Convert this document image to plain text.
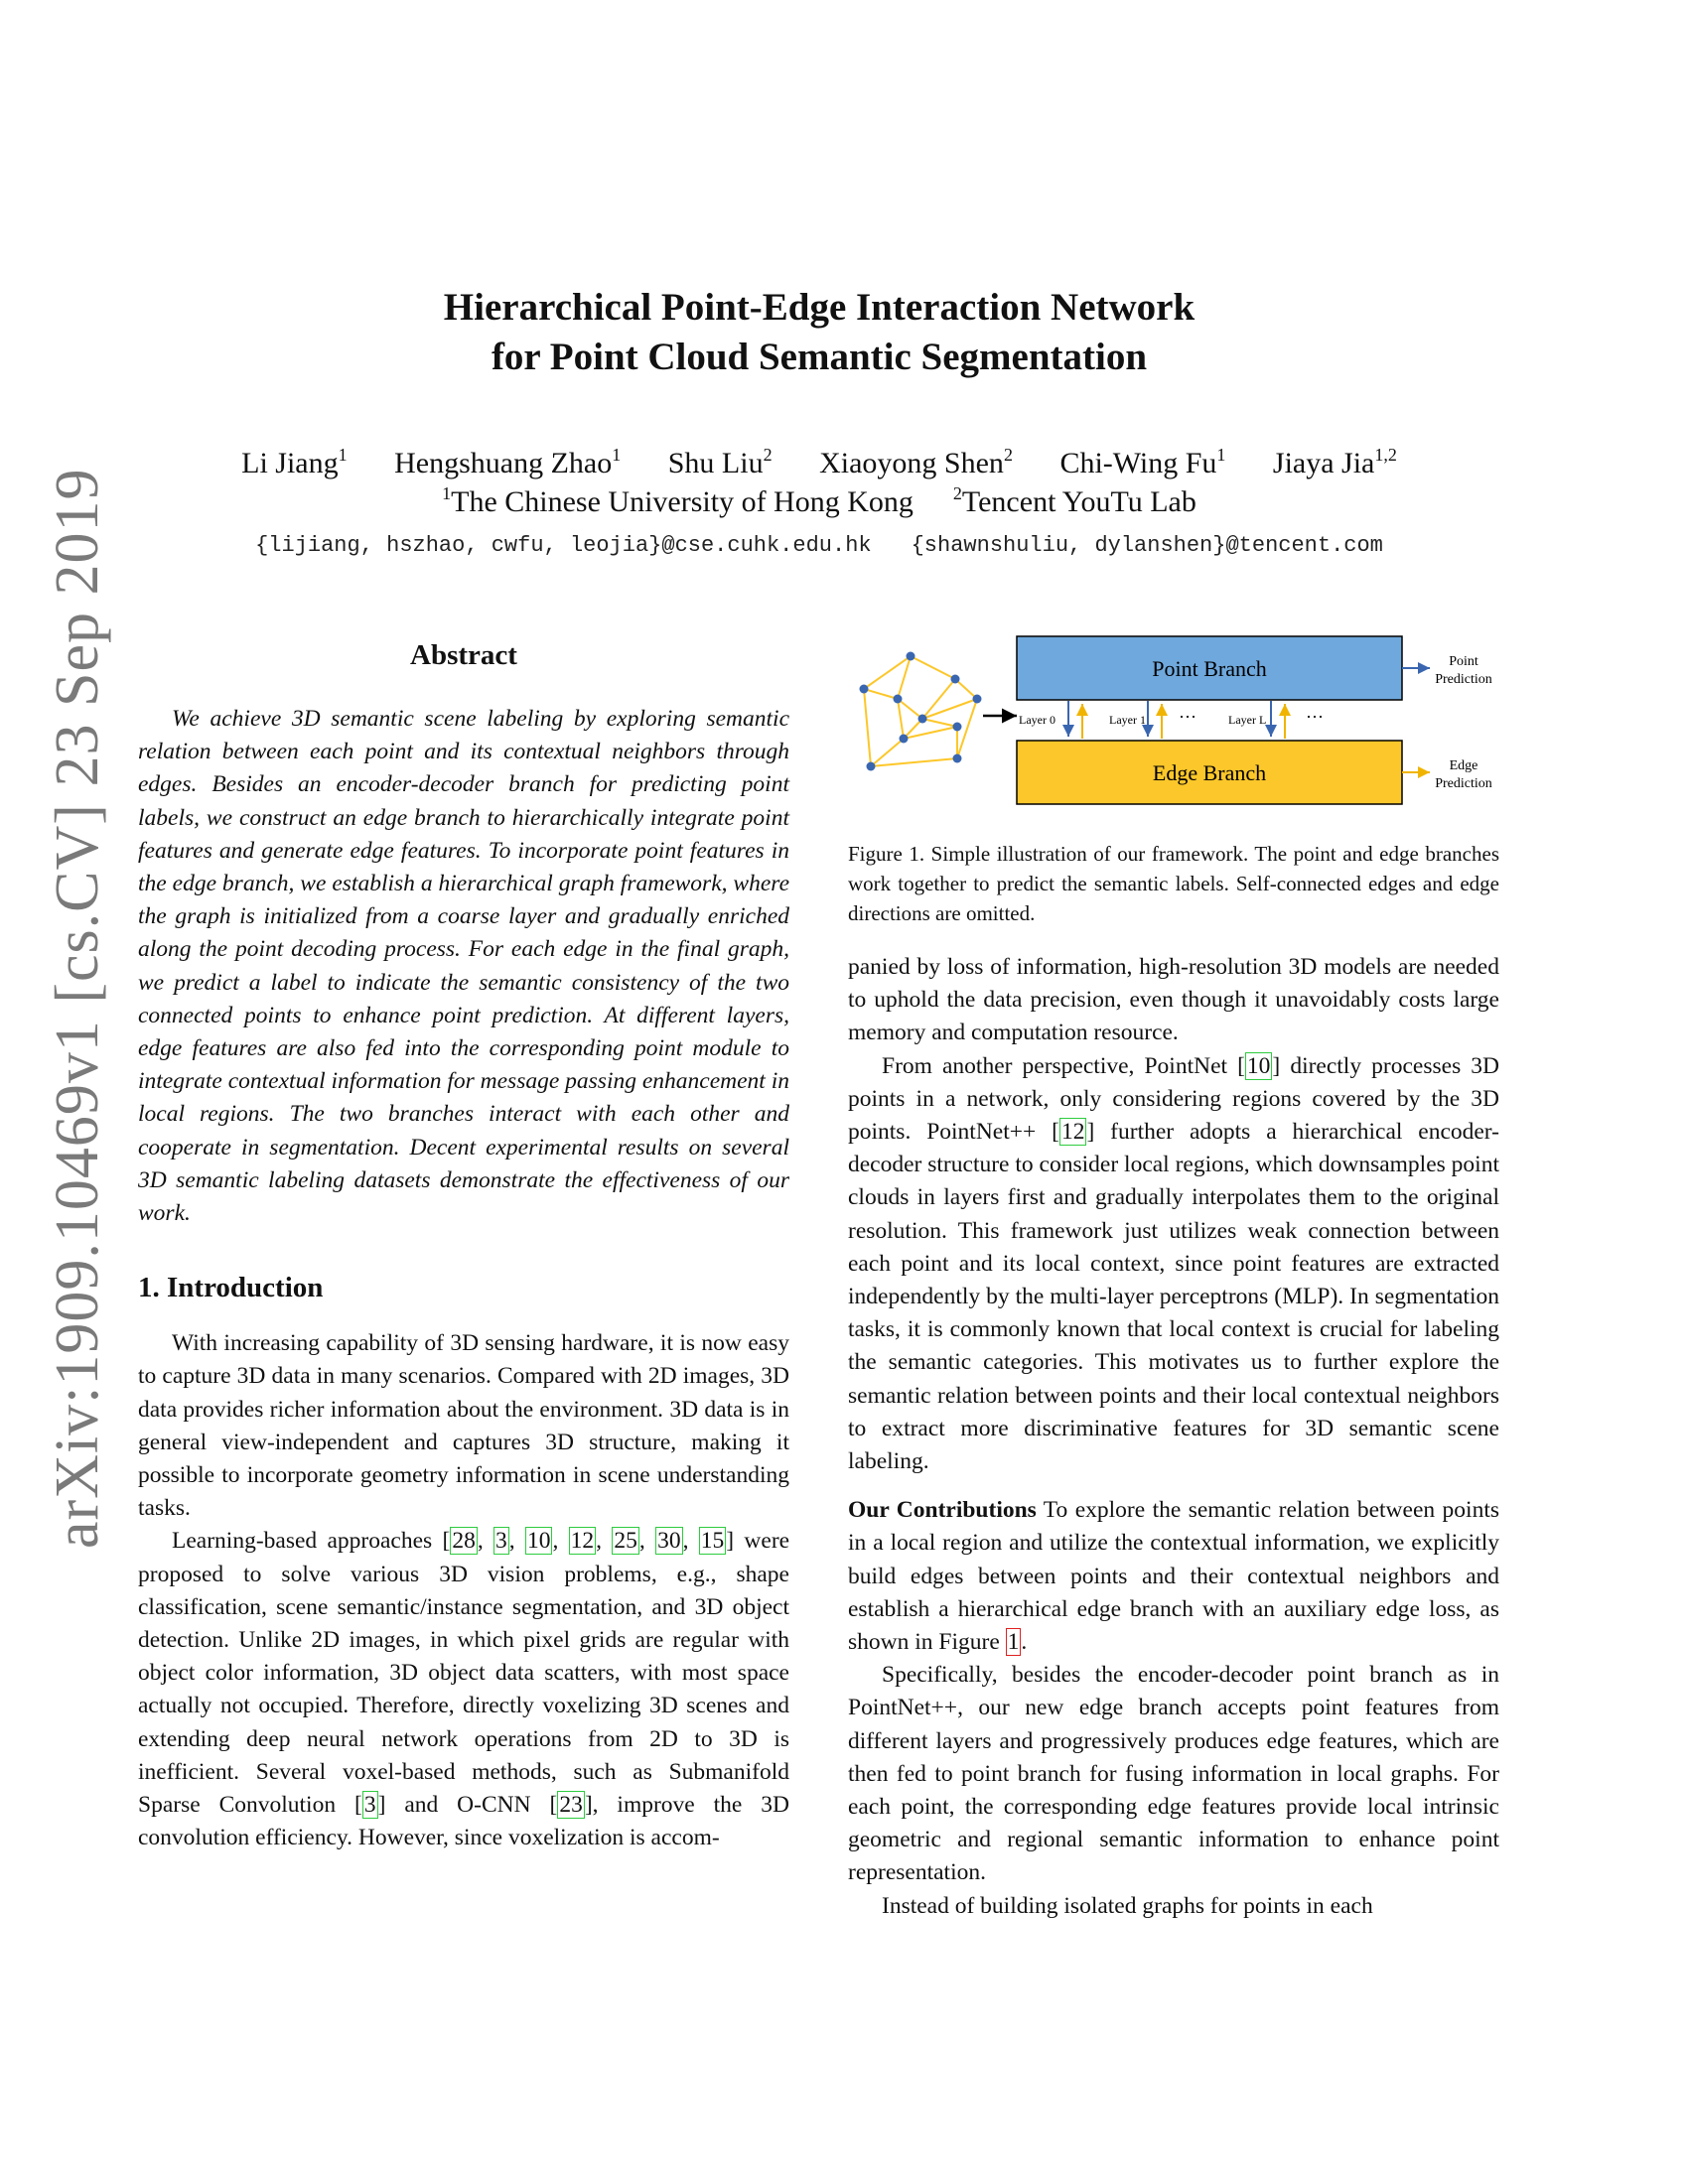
arXiv:1909.10469v1 [cs.CV] 23 Sep 2019
Hierarchical Point-Edge Interaction Network
for Point Cloud Semantic Segmentation
Li Jiang$^1$ Hengshuang Zhao$^1$ Shu Liu$^2$ Xiaoyong Shen$^2$ Chi-Wing Fu$^1$ Jiaya Jia$^{1,2}$
$^1$The Chinese University of Hong Kong $^2$Tencent YouTu Lab
{lijiang, hszhao, cwfu, leojia}@cse.cuhk.edu.hk {shawnshuliu, dylanshen}@tencent.com
Abstract

We achieve 3D semantic scene labeling by exploring semantic relation between each point and its contextual neighbors through edges. Besides an encoder-decoder branch for predicting point labels, we construct an edge branch to hierarchically integrate point features and generate edge features. To incorporate point features in the edge branch, we establish a hierarchical graph framework, where the graph is initialized from a coarse layer and gradually enriched along the point decoding process. For each edge in the final graph, we predict a label to indicate the semantic consistency of the two connected points to enhance point prediction. At different layers, edge features are also fed into the corresponding point module to integrate contextual information for message passing enhancement in local regions. The two branches interact with each other and cooperate in segmentation. Decent experimental results on several 3D semantic labeling datasets demonstrate the effectiveness of our work.

1. Introduction

With increasing capability of 3D sensing hardware, it is now easy to capture 3D data in many scenarios. Compared with 2D images, 3D data provides richer information about the environment. 3D data is in general view-independent and captures 3D structure, making it possible to incorporate geometry information in scene understanding tasks.

Learning-based approaches [28, 3, 10, 12, 25, 30, 15] were proposed to solve various 3D vision problems, e.g., shape classification, scene semantic/instance segmentation, and 3D object detection. Unlike 2D images, in which pixel grids are regular with object color information, 3D object data scatters, with most space actually not occupied. Therefore, directly voxelizing 3D scenes and extending deep neural network operations from 2D to 3D is inefficient. Several voxel-based methods, such as Submanifold Sparse Convolution [3] and O-CNN [23], improve the 3D convolution efficiency. However, since voxelization is accom-

Point Branch
Edge Branch
Layer 0	Layer 1	Layer L
···	···
Point
Prediction
Edge
Prediction
Figure 1. Simple illustration of our framework. The point and edge branches work together to predict the semantic labels. Self-connected edges and edge directions are omitted.

panied by loss of information, high-resolution 3D models are needed to uphold the data precision, even though it unavoidably costs large memory and computation resource.

From another perspective, PointNet [10] directly processes 3D points in a network, only considering regions covered by the 3D points. PointNet++ [12] further adopts a hierarchical encoder-decoder structure to consider local regions, which downsamples point clouds in layers first and gradually interpolates them to the original resolution. This framework just utilizes weak connection between each point and its local context, since point features are extracted independently by the multi-layer perceptrons (MLP). In segmentation tasks, it is commonly known that local context is crucial for labeling the semantic categories. This motivates us to further explore the semantic relation between points and their local contextual neighbors to extract more discriminative features for 3D semantic scene labeling.

Our Contributions To explore the semantic relation between points in a local region and utilize the contextual information, we explicitly build edges between points and their contextual neighbors and establish a hierarchical edge branch with an auxiliary edge loss, as shown in Figure 1.

Specifically, besides the encoder-decoder point branch as in PointNet++, our new edge branch accepts point features from different layers and progressively produces edge features, which are then fed to point branch for fusing information in local graphs. For each point, the corresponding edge features provide local intrinsic geometric and regional semantic information to enhance point representation.

Instead of building isolated graphs for points in each
